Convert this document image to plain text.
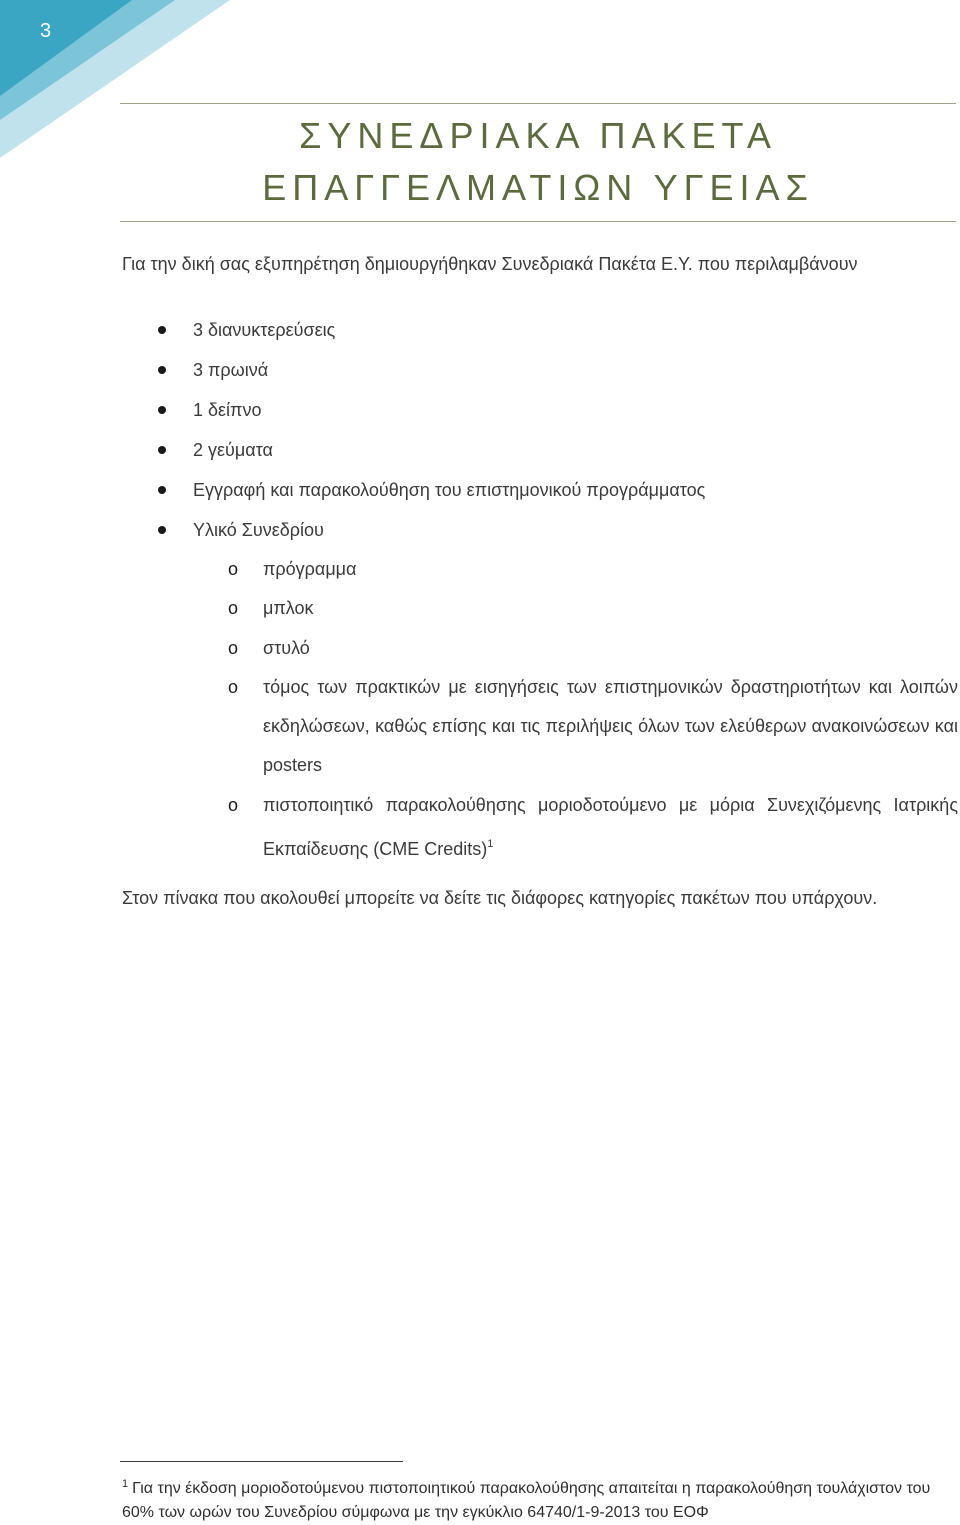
3
ΣΥΝΕΔΡΙΑΚΑ ΠΑΚΕΤΑ ΕΠΑΓΓΕΛΜΑΤΙΩΝ ΥΓΕΙΑΣ

Για την δική σας εξυπηρέτηση δημιουργήθηκαν Συνεδριακά Πακέτα Ε.Υ. που περιλαμβάνουν

3 διανυκτερεύσεις
3 πρωινά
1 δείπνο
2 γεύματα
Εγγραφή και παρακολούθηση του επιστημονικού προγράμματος
Υλικό Συνεδρίου
o πρόγραμμα
o μπλοκ
o στυλό
o τόμος των πρακτικών με εισηγήσεις των επιστημονικών δραστηριοτήτων και λοιπών εκδηλώσεων, καθώς επίσης και τις περιλήψεις όλων των ελεύθερων ανακοινώσεων και posters
o πιστοποιητικό παρακολούθησης μοριοδοτούμενο με μόρια Συνεχιζόμενης Ιατρικής Εκπαίδευσης (CME Credits)$^1$

Στον πίνακα που ακολουθεί μπορείτε να δείτε τις διάφορες κατηγορίες πακέτων που υπάρχουν.

$^1$ Για την έκδοση μοριοδοτούμενου πιστοποιητικού παρακολούθησης απαιτείται η παρακολούθηση τουλάχιστον του 60% των ωρών του Συνεδρίου σύμφωνα με την εγκύκλιο 64740/1-9-2013 του ΕΟΦ
